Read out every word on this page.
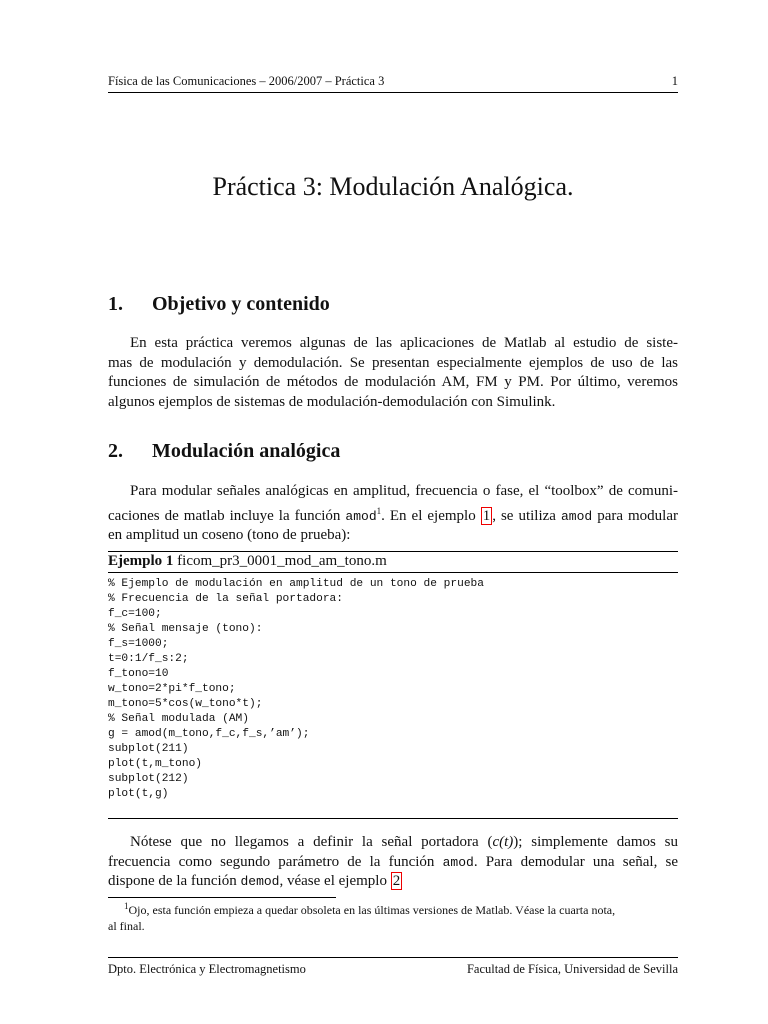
Física de las Comunicaciones – 2006/2007 – Práctica 3	1
Práctica 3: Modulación Analógica.
1. Objetivo y contenido
En esta práctica veremos algunas de las aplicaciones de Matlab al estudio de siste-
mas de modulación y demodulación. Se presentan especialmente ejemplos de uso de las
funciones de simulación de métodos de modulación AM, FM y PM. Por último, veremos
algunos ejemplos de sistemas de modulación-demodulación con Simulink.
2. Modulación analógica
Para modular señales analógicas en amplitud, frecuencia o fase, el “toolbox” de comuni-
caciones de matlab incluye la función amod$^1$. En el ejemplo 1 , se utiliza amod para modular
en amplitud un coseno (tono de prueba):
Ejemplo 1 ficom_pr3_0001_mod_am_tono.m
% Ejemplo de modulación en amplitud de un tono de prueba
% Frecuencia de la señal portadora:
f_c=100;
% Señal mensaje (tono):
f_s=1000;
t=0:1/f_s:2;
f_tono=10
w_tono=2*pi*f_tono;
m_tono=5*cos(w_tono*t);
% Señal modulada (AM)
g = amod(m_tono,f_c,f_s,’am’);
subplot(211)
plot(t,m_tono)
subplot(212)
plot(t,g)
Nótese que no llegamos a definir la señal portadora (c(t)); simplemente damos su
frecuencia como segundo parámetro de la función amod. Para demodular una señal, se
dispone de la función demod, véase el ejemplo 2
$^1$Ojo, esta función empieza a quedar obsoleta en las últimas versiones de Matlab. Véase la cuarta nota,
al final.
Dpto. Electrónica y Electromagnetismo	Facultad de Física, Universidad de Sevilla
